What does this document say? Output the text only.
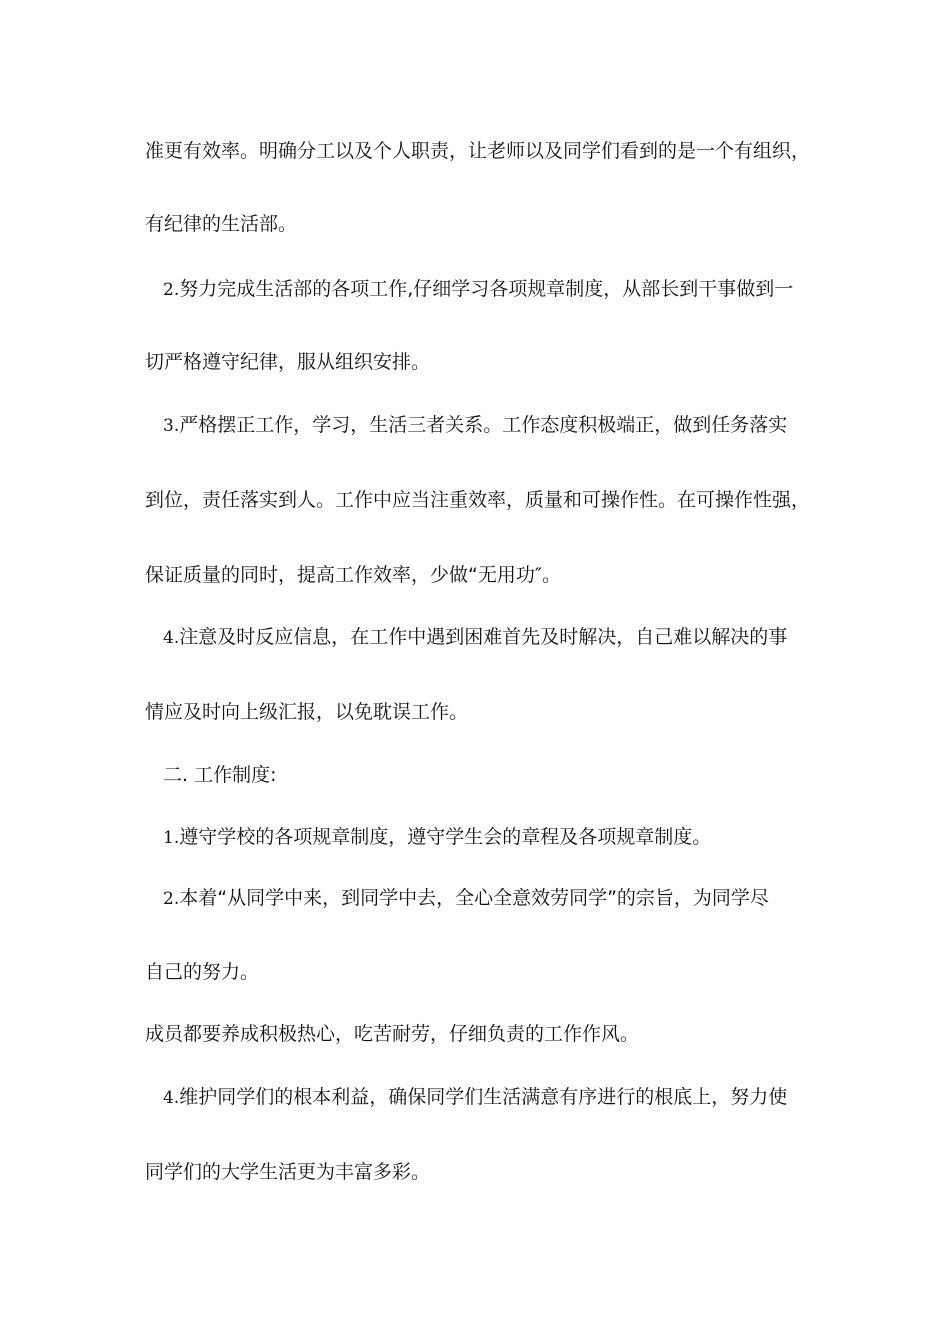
准更有效率。明确分工以及个人职责，让老师以及同学们看到的是一个有组织，

有纪律的生活部。

2.努力完成生活部的各项工作,仔细学习各项规章制度，从部长到干事做到一

切严格遵守纪律，服从组织安排。

3.严格摆正工作，学习，生活三者关系。工作态度积极端正，做到任务落实

到位，责任落实到人。工作中应当注重效率，质量和可操作性。在可操作性强，

保证质量的同时，提高工作效率，少做“无用功″。

4.注意及时反应信息，在工作中遇到困难首先及时解决，自己难以解决的事

情应及时向上级汇报，以免耽误工作。

二. 工作制度:

1.遵守学校的各项规章制度，遵守学生会的章程及各项规章制度。

2.本着“从同学中来，到同学中去，全心全意效劳同学”的宗旨，为同学尽

自己的努力。

成员都要养成积极热心，吃苦耐劳，仔细负责的工作作风。

4.维护同学们的根本利益，确保同学们生活满意有序进行的根底上，努力使

同学们的大学生活更为丰富多彩。
